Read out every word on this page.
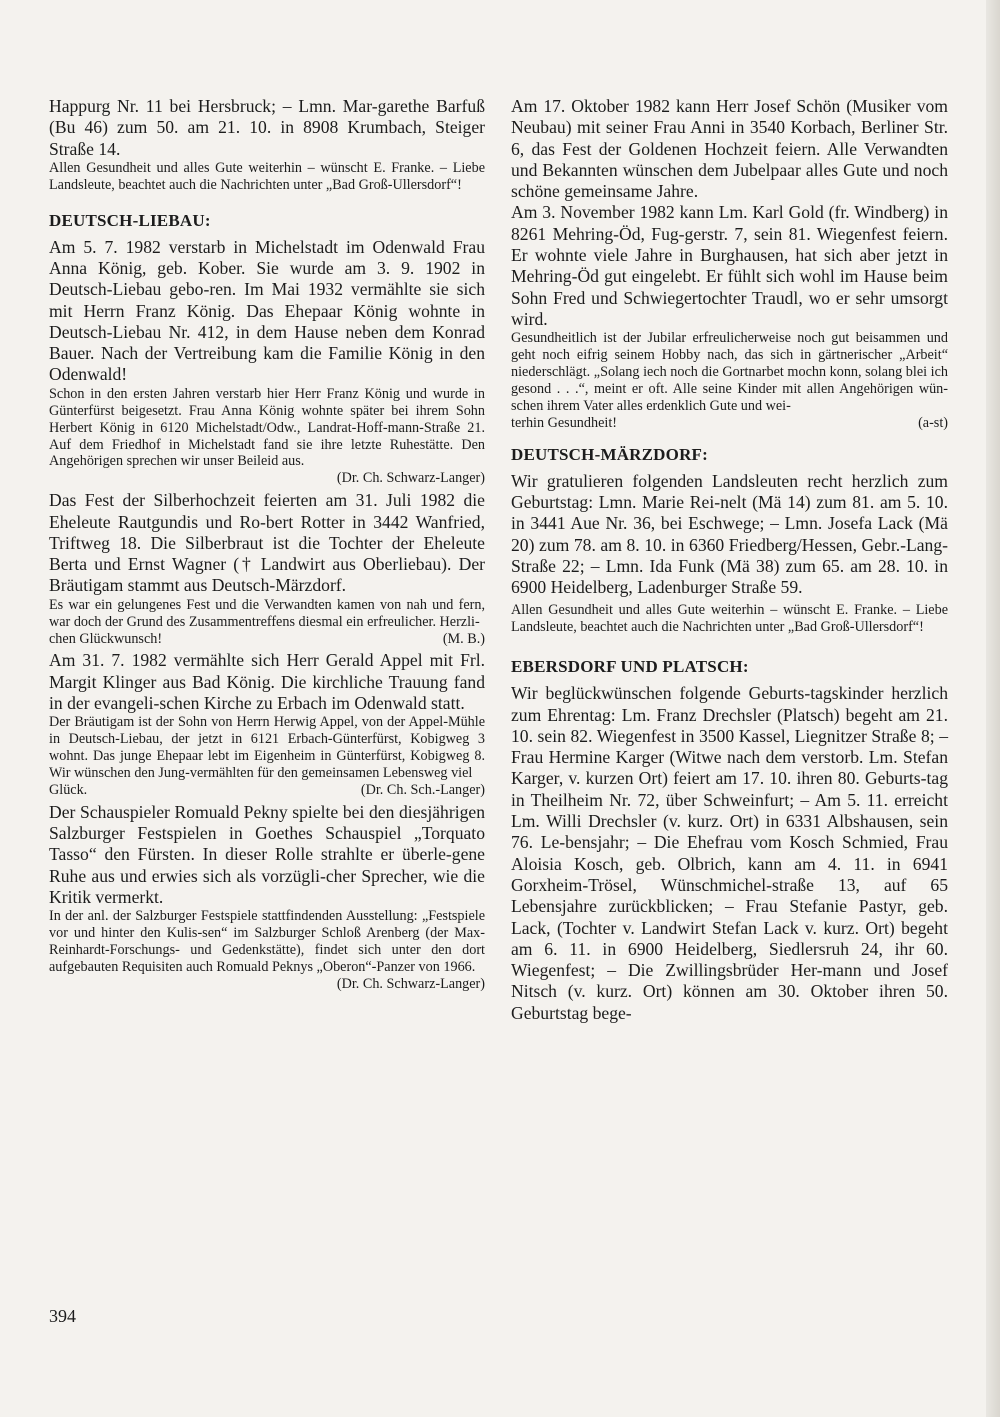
Happurg Nr. 11 bei Hersbruck; – Lmn. Mar-garethe Barfuß (Bu 46) zum 50. am 21. 10. in 8908 Krumbach, Steiger Straße 14.

Allen Gesundheit und alles Gute weiterhin – wünscht E. Franke. – Liebe Landsleute, beachtet auch die Nachrichten unter „Bad Groß-Ullersdorf“!

DEUTSCH-LIEBAU:

Am 5. 7. 1982 verstarb in Michelstadt im Odenwald Frau Anna König, geb. Kober. Sie wurde am 3. 9. 1902 in Deutsch-Liebau gebo-ren. Im Mai 1932 vermählte sie sich mit Herrn Franz König. Das Ehepaar König wohnte in Deutsch-Liebau Nr. 412, in dem Hause neben dem Konrad Bauer. Nach der Vertreibung kam die Familie König in den Odenwald!

Schon in den ersten Jahren verstarb hier Herr Franz König und wurde in Günterfürst beigesetzt. Frau Anna König wohnte später bei ihrem Sohn Herbert König in 6120 Michelstadt/Odw., Landrat-Hoff-mann-Straße 21. Auf dem Friedhof in Michelstadt fand sie ihre letzte Ruhestätte. Den Angehörigen sprechen wir unser Beileid aus.

(Dr. Ch. Schwarz-Langer)

Das Fest der Silberhochzeit feierten am 31. Juli 1982 die Eheleute Rautgundis und Ro-bert Rotter in 3442 Wanfried, Triftweg 18. Die Silberbraut ist die Tochter der Eheleute Berta und Ernst Wagner († Landwirt aus Oberliebau). Der Bräutigam stammt aus Deutsch-Märzdorf.

Es war ein gelungenes Fest und die Verwandten kamen von nah und fern, war doch der Grund des Zusammentreffens diesmal ein erfreulicher. Herzli-

chen Glückwunsch!	(M. B.)

Am 31. 7. 1982 vermählte sich Herr Gerald Appel mit Frl. Margit Klinger aus Bad König. Die kirchliche Trauung fand in der evangeli-schen Kirche zu Erbach im Odenwald statt.

Der Bräutigam ist der Sohn von Herrn Herwig Appel, von der Appel-Mühle in Deutsch-Liebau, der jetzt in 6121 Erbach-Günterfürst, Kobigweg 3 wohnt. Das junge Ehepaar lebt im Eigenheim in Günterfürst, Kobigweg 8. Wir wünschen den Jung-vermählten für den gemeinsamen Lebensweg viel

Glück.	(Dr. Ch. Sch.-Langer)

Der Schauspieler Romuald Pekny spielte bei den diesjährigen Salzburger Festspielen in Goethes Schauspiel „Torquato Tasso“ den Fürsten. In dieser Rolle strahlte er überle-gene Ruhe aus und erwies sich als vorzügli-cher Sprecher, wie die Kritik vermerkt.

In der anl. der Salzburger Festspiele stattfindenden Ausstellung: „Festspiele vor und hinter den Kulis-sen“ im Salzburger Schloß Arenberg (der Max-Reinhardt-Forschungs- und Gedenkstätte), findet sich unter den dort aufgebauten Requisiten auch Romuald Peknys „Oberon“-Panzer von 1966.

(Dr. Ch. Schwarz-Langer)

Am 17. Oktober 1982 kann Herr Josef Schön (Musiker vom Neubau) mit seiner Frau Anni in 3540 Korbach, Berliner Str. 6, das Fest der Goldenen Hochzeit feiern. Alle Verwandten und Bekannten wünschen dem Jubelpaar alles Gute und noch schöne gemeinsame Jahre.

Am 3. November 1982 kann Lm. Karl Gold (fr. Windberg) in 8261 Mehring-Öd, Fug-gerstr. 7, sein 81. Wiegenfest feiern. Er wohnte viele Jahre in Burghausen, hat sich aber jetzt in Mehring-Öd gut eingelebt. Er fühlt sich wohl im Hause beim Sohn Fred und Schwiegertochter Traudl, wo er sehr umsorgt wird.

Gesundheitlich ist der Jubilar erfreulicherweise noch gut beisammen und geht noch eifrig seinem Hobby nach, das sich in gärtnerischer „Arbeit“ niederschlägt. „Solang iech noch die Gortnarbet mochn konn, solang blei ich gesond . . .“, meint er oft. Alle seine Kinder mit allen Angehörigen wün-schen ihrem Vater alles erdenklich Gute und wei-

terhin Gesundheit!	(a-st)
DEUTSCH-MÄRZDORF:

Wir gratulieren folgenden Landsleuten recht herzlich zum Geburtstag: Lmn. Marie Rei-nelt (Mä 14) zum 81. am 5. 10. in 3441 Aue Nr. 36, bei Eschwege; – Lmn. Josefa Lack (Mä 20) zum 78. am 8. 10. in 6360 Friedberg/Hessen, Gebr.-Lang-Straße 22; – Lmn. Ida Funk (Mä 38) zum 65. am 28. 10. in 6900 Heidelberg, Ladenburger Straße 59.

Allen Gesundheit und alles Gute weiterhin – wünscht E. Franke. – Liebe Landsleute, beachtet auch die Nachrichten unter „Bad Groß-Ullersdorf“!

EBERSDORF UND PLATSCH:

Wir beglückwünschen folgende Geburts-tagskinder herzlich zum Ehrentag: Lm. Franz Drechsler (Platsch) begeht am 21. 10. sein 82. Wiegenfest in 3500 Kassel, Liegnitzer Straße 8; – Frau Hermine Karger (Witwe nach dem verstorb. Lm. Stefan Karger, v. kurzen Ort) feiert am 17. 10. ihren 80. Geburts-tag in Theilheim Nr. 72, über Schweinfurt; – Am 5. 11. erreicht Lm. Willi Drechsler (v. kurz. Ort) in 6331 Albshausen, sein 76. Le-bensjahr; – Die Ehefrau vom Kosch Schmied, Frau Aloisia Kosch, geb. Olbrich, kann am 4. 11. in 6941 Gorxheim-Trösel, Wünschmichel-straße 13, auf 65 Lebensjahre zurückblicken; – Frau Stefanie Pastyr, geb. Lack, (Tochter v. Landwirt Stefan Lack v. kurz. Ort) begeht am 6. 11. in 6900 Heidelberg, Siedlersruh 24, ihr 60. Wiegenfest; – Die Zwillingsbrüder Her-mann und Josef Nitsch (v. kurz. Ort) können am 30. Oktober ihren 50. Geburtstag bege-

394
